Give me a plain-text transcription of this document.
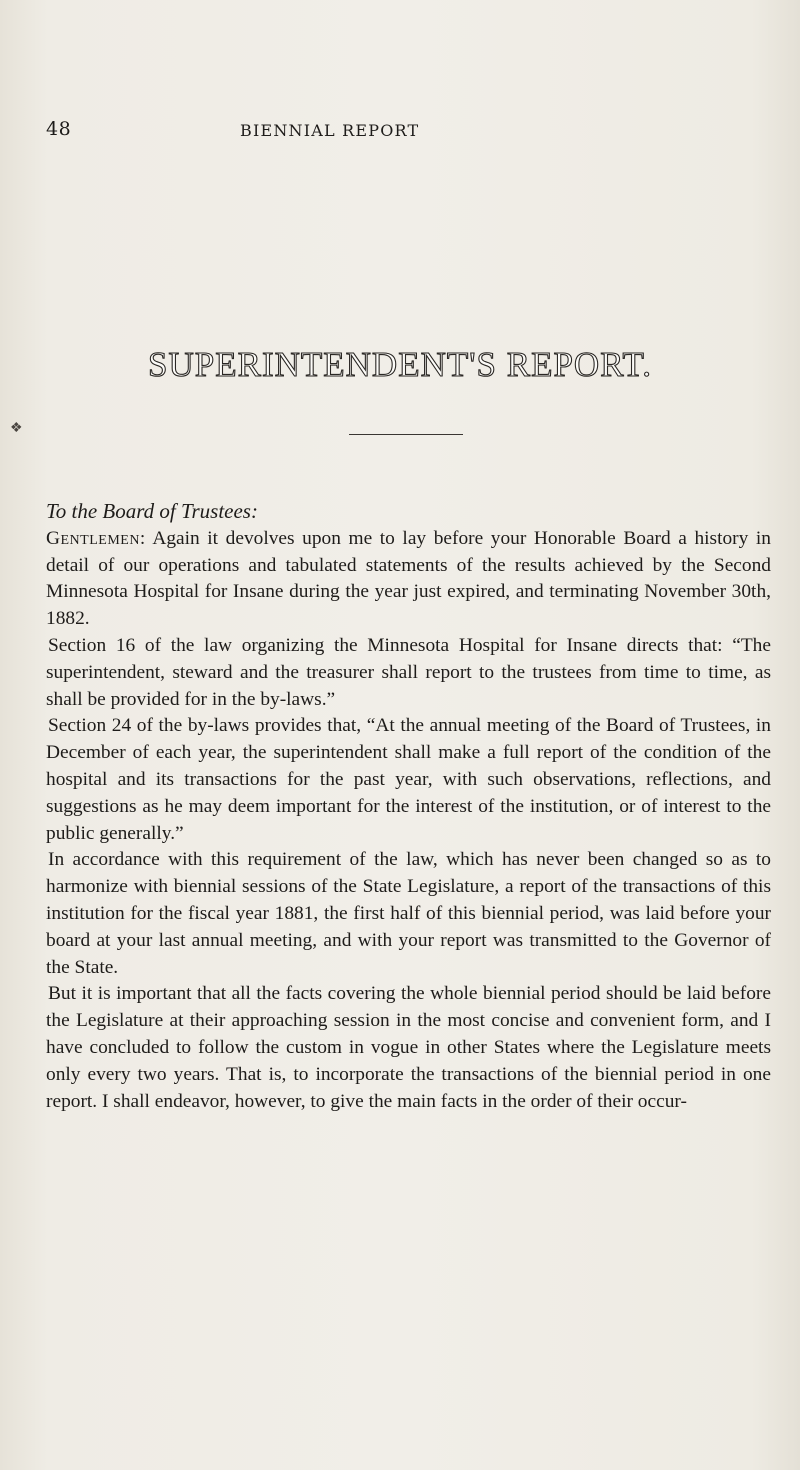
48	BIENNIAL REPORT
SUPERINTENDENT'S REPORT.
❖

To the Board of Trustees:

Gentlemen: Again it devolves upon me to lay before your Honorable Board a history in detail of our operations and tabulated statements of the results achieved by the Second Minnesota Hospital for Insane during the year just expired, and terminating November 30th, 1882.

Section 16 of the law organizing the Minnesota Hospital for Insane directs that: “The superintendent, steward and the treasurer shall report to the trustees from time to time, as shall be provided for in the by-laws.”

Section 24 of the by-laws provides that, “At the annual meeting of the Board of Trustees, in December of each year, the superintendent shall make a full report of the condition of the hospital and its transactions for the past year, with such observations, reflections, and suggestions as he may deem important for the interest of the institution, or of interest to the public generally.”

In accordance with this requirement of the law, which has never been changed so as to harmonize with biennial sessions of the State Legislature, a report of the transactions of this institution for the fiscal year 1881, the first half of this biennial period, was laid before your board at your last annual meeting, and with your report was transmitted to the Governor of the State.

But it is important that all the facts covering the whole biennial period should be laid before the Legislature at their approaching session in the most concise and convenient form, and I have concluded to follow the custom in vogue in other States where the Legislature meets only every two years. That is, to incorporate the transactions of the biennial period in one report. I shall endeavor, however, to give the main facts in the order of their occur-
